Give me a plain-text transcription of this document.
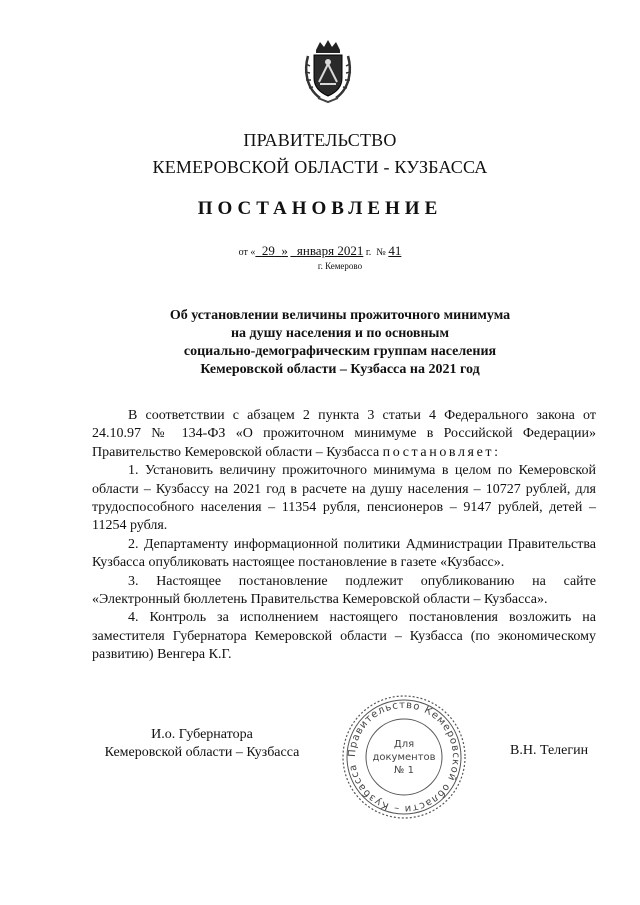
ПРАВИТЕЛЬСТВО
КЕМЕРОВСКОЙ ОБЛАСТИ - КУЗБАССА
ПОСТАНОВЛЕНИЕ
от « 29 » января 2021 г. № 41
г. Кемерово
Об установлении величины прожиточного минимума
на душу населения и по основным
социально-демографическим группам населения
Кемеровской области – Кузбасса на 2021 год

В соответствии с абзацем 2 пункта 3 статьи 4 Федерального закона от 24.10.97 № 134-ФЗ «О прожиточном минимуме в Российской Федерации» Правительство Кемеровской области – Кузбасса постановляет:

1. Установить величину прожиточного минимума в целом по Кемеровской области – Кузбассу на 2021 год в расчете на душу населения – 10727 рублей, для трудоспособного населения – 11354 рубля, пенсионеров – 9147 рублей, детей – 11254 рубля.

2. Департаменту информационной политики Администрации Правительства Кузбасса опубликовать настоящее постановление в газете «Кузбасс».

3. Настоящее постановление подлежит опубликованию на сайте «Электронный бюллетень Правительства Кемеровской области – Кузбасса».

4. Контроль за исполнением настоящего постановления возложить на заместителя Губернатора Кемеровской области – Кузбасса (по экономическому развитию) Венгера К.Г.

И.о. Губернатора
Кемеровской области – Кузбасса	Правительство Кемеровской области – Кузбасса
Для
документов
№ 1
В.Н. Телегин
